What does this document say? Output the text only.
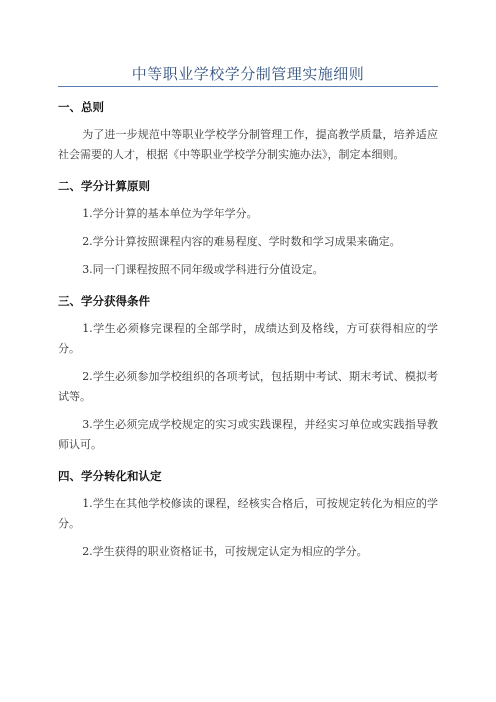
中等职业学校学分制管理实施细则
一、总则

为了进一步规范中等职业学校学分制管理工作，提高教学质量，培养适应社会需要的人才，根据《中等职业学校学分制实施办法》，制定本细则。

二、学分计算原则

1.学分计算的基本单位为学年学分。

2.学分计算按照课程内容的难易程度、学时数和学习成果来确定。

3.同一门课程按照不同年级或学科进行分值设定。

三、学分获得条件

1.学生必须修完课程的全部学时，成绩达到及格线，方可获得相应的学分。

2.学生必须参加学校组织的各项考试，包括期中考试、期末考试、模拟考试等。

3.学生必须完成学校规定的实习或实践课程，并经实习单位或实践指导教师认可。

四、学分转化和认定

1.学生在其他学校修读的课程，经核实合格后，可按规定转化为相应的学分。

2.学生获得的职业资格证书，可按规定认定为相应的学分。
